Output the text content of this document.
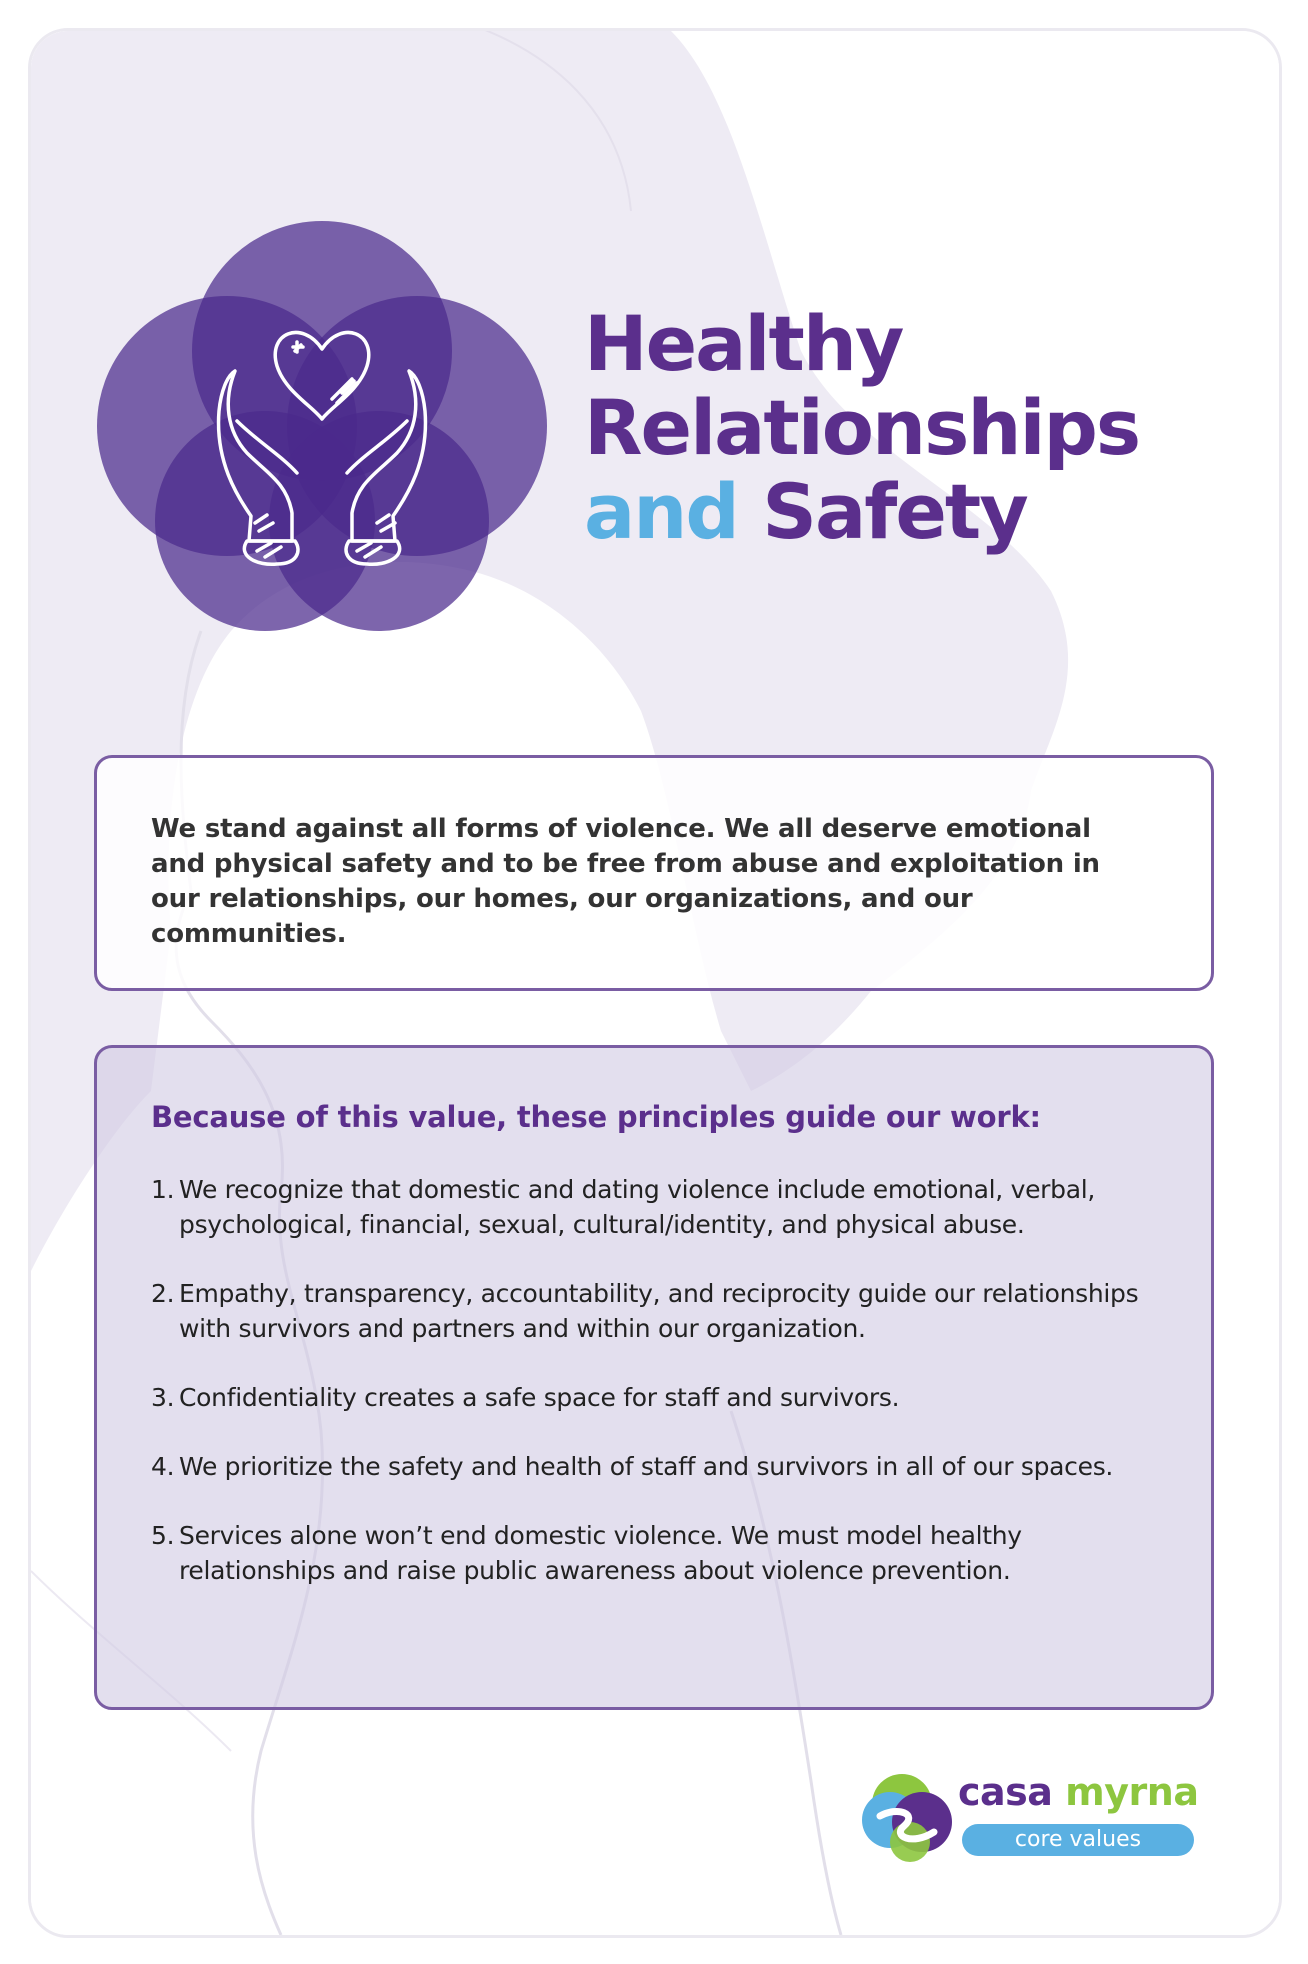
Healthy
Relationships
and Safety

We stand against all forms of violence. We all deserve emotional and physical safety and to be free from abuse and exploitation in our relationships, our homes, our organizations, and our communities.

Because of this value, these principles guide our work:
1. We recognize that domestic and dating violence include emotional, verbal, psychological, financial, sexual, cultural/identity, and physical abuse.
2. Empathy, transparency, accountability, and reciprocity guide our relationships with survivors and partners and within our organization.
3. Confidentiality creates a safe space for staff and survivors.
4. We prioritize the safety and health of staff and survivors in all of our spaces.
5. Services alone won’t end domestic violence. We must model healthy relationships and raise public awareness about violence prevention.
casa myrna
core values
